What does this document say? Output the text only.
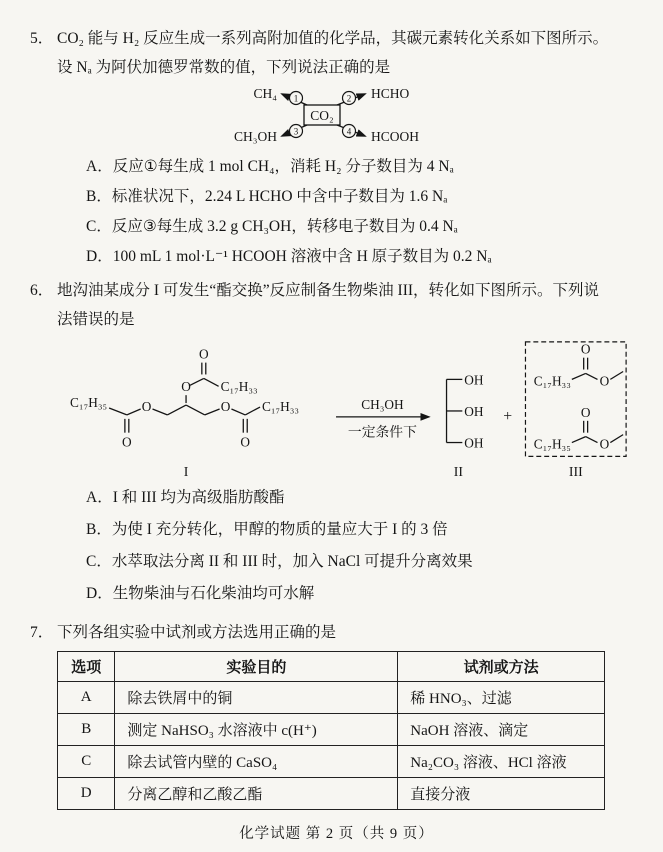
5． CO₂ 能与 H₂ 反应生成一系列高附加值的化学品，其碳元素转化关系如下图所示。
设 Nₐ 为阿伏加德罗常数的值，下列说法正确的是
CO₂
1	2
3	4
CH₄	HCHO
CH₃OH	HCOOH
A．反应①每生成 1 mol CH₄，消耗 H₂ 分子数目为 4 Nₐ
B．标准状况下，2.24 L HCHO 中含中子数目为 1.6 Nₐ
C．反应③每生成 3.2 g CH₃OH，转移电子数目为 0.4 Nₐ
D．100 mL 1 mol·L⁻¹ HCOOH 溶液中含 H 原子数目为 0.2 Nₐ
6． 地沟油某成分 I 可发生“酯交换”反应制备生物柴油 III，转化如下图所示。下列说
法错误的是
C₁₇H₃₅
O
O
O
O
C₁₇H₃₃
O
O
C₁₇H₃₃
I
CH₃OH
一定条件下
OH
OH
OH
II
+
C₁₇H₃₃
O
O
C₁₇H₃₅
O
O
III
A．I 和 III 均为高级脂肪酸酯
B．为使 I 充分转化，甲醇的物质的量应大于 I 的 3 倍
C．水萃取法分离 II 和 III 时，加入 NaCl 可提升分离效果
D．生物柴油与石化柴油均可水解
7． 下列各组实验中试剂或方法选用正确的是
选项	实验目的	试剂或方法
A	除去铁屑中的铜	稀 HNO₃、过滤
B	测定 NaHSO₃ 水溶液中 c(H⁺)	NaOH 溶液、滴定
C	除去试管内壁的 CaSO₄	Na₂CO₃ 溶液、HCl 溶液
D	分离乙醇和乙酸乙酯	直接分液
化学试题 第 2 页（共 9 页）
